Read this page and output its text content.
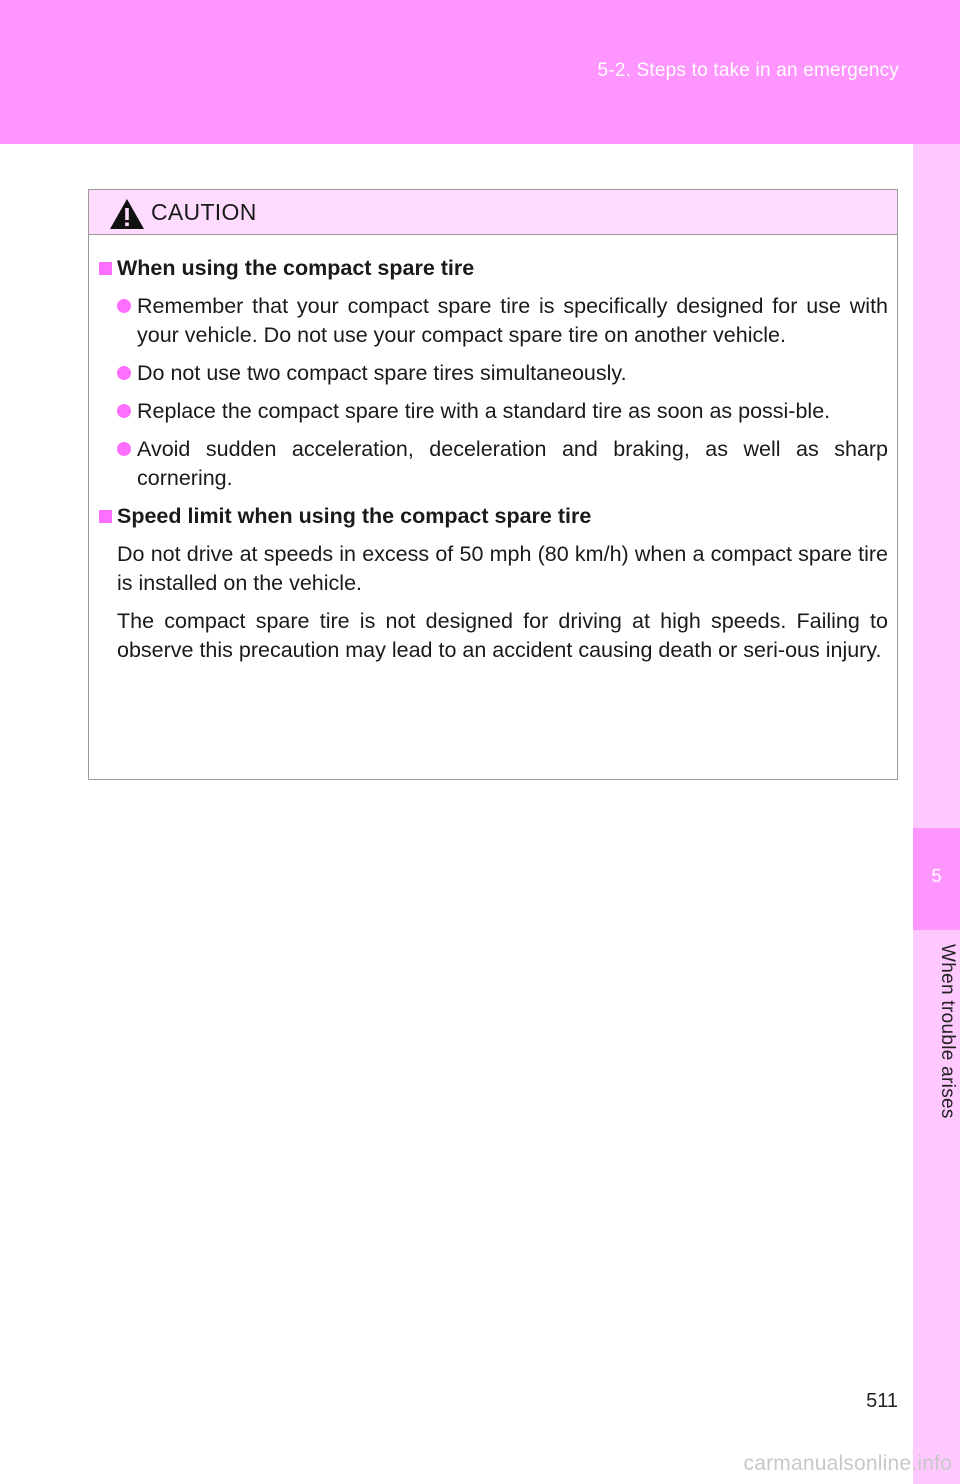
5-2. Steps to take in an emergency
5
When trouble arises
CAUTION
When using the compact spare tire
Remember that your compact spare tire is specifically designed for use with your vehicle. Do not use your compact spare tire on another vehicle.
Do not use two compact spare tires simultaneously.
Replace the compact spare tire with a standard tire as soon as possi-ble.
Avoid sudden acceleration, deceleration and braking, as well as sharp cornering.
Speed limit when using the compact spare tire
Do not drive at speeds in excess of 50 mph (80 km/h) when a compact spare tire is installed on the vehicle.
The compact spare tire is not designed for driving at high speeds. Failing to observe this precaution may lead to an accident causing death or seri-ous injury.
511
carmanualsonline.info
